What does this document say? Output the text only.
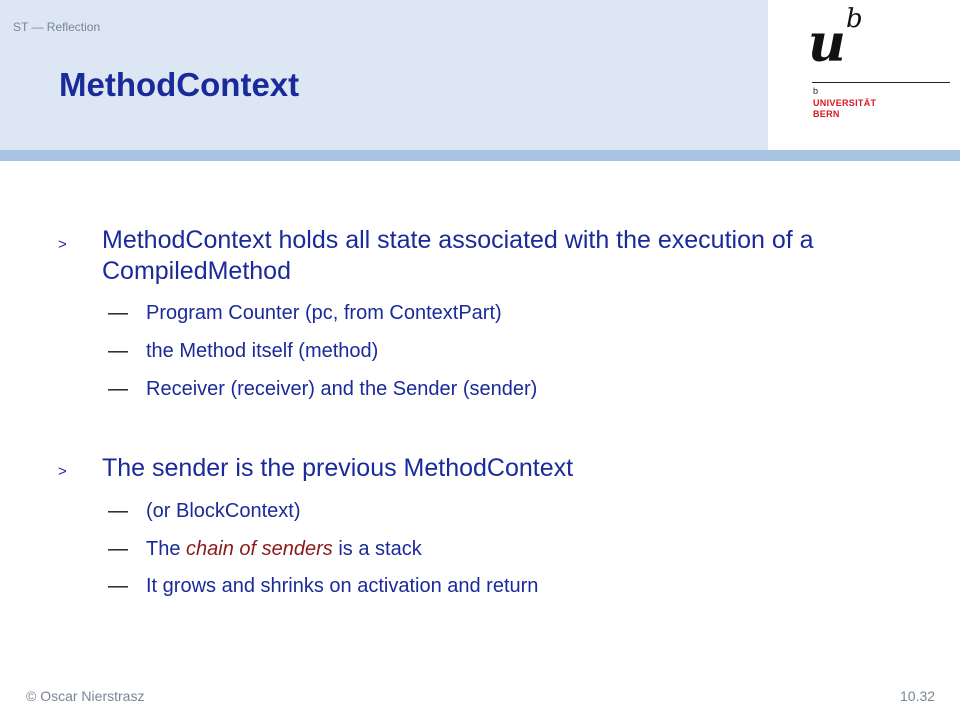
ST — Reflection
MethodContext
u b
b
UNIVERSITÄT
BERN
> MethodContext holds all state associated with the execution of a CompiledMethod

— Program Counter (pc, from ContextPart)

— the Method itself (method)

— Receiver (receiver) and the Sender (sender)

> The sender is the previous MethodContext

— (or BlockContext)

— The chain of senders is a stack

— It grows and shrinks on activation and return

© Oscar Nierstrasz	10.32
